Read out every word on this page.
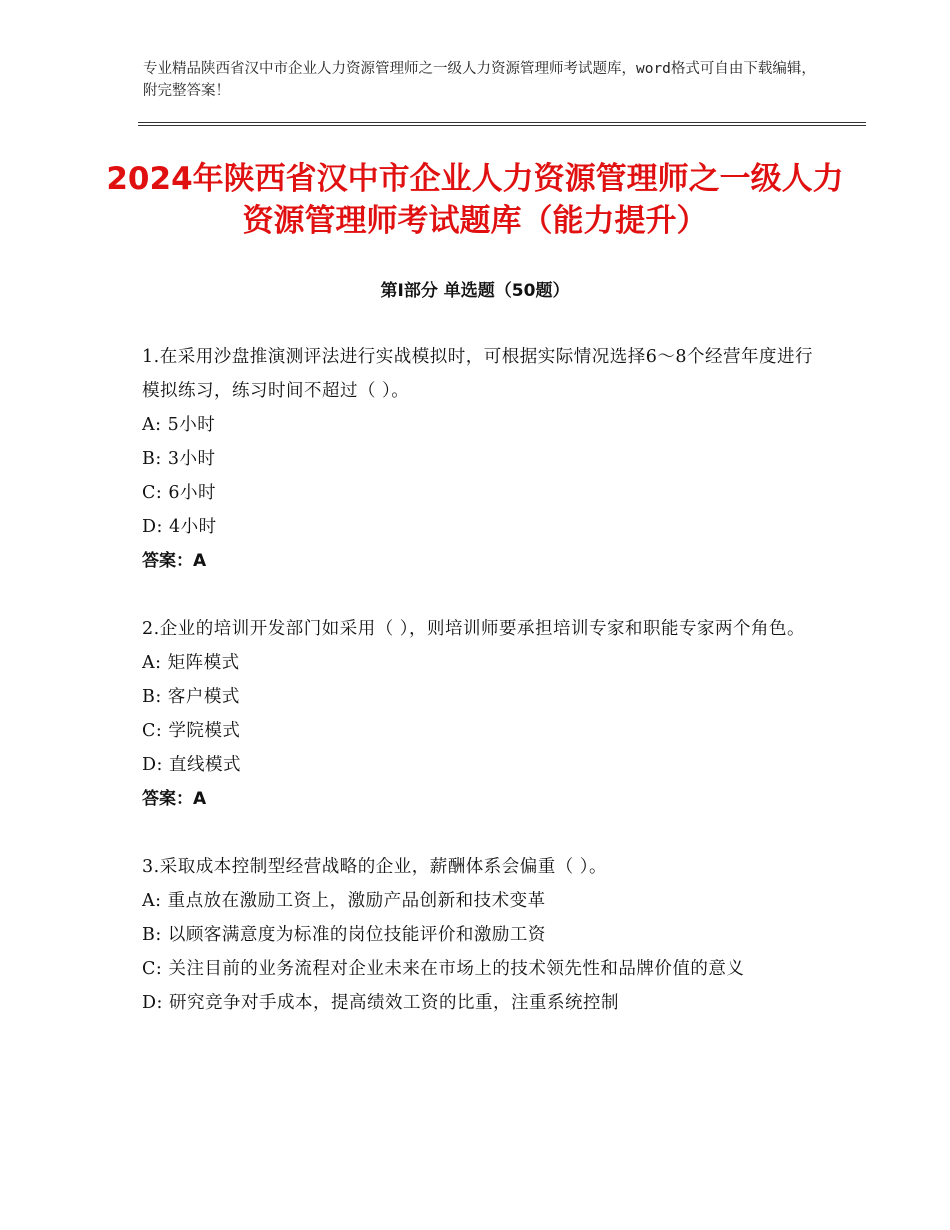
专业精品陕西省汉中市企业人力资源管理师之一级人力资源管理师考试题库，word格式可自由下载编辑，附完整答案！
2024年陕西省汉中市企业人力资源管理师之一级人力资源管理师考试题库（能力提升）
第Ⅰ部分 单选题（50题）
1.在采用沙盘推演测评法进行实战模拟时，可根据实际情况选择6～8个经营年度进行模拟练习，练习时间不超过（ ）。
A: 5小时
B: 3小时
C: 6小时
D: 4小时
答案：A
2.企业的培训开发部门如采用（ ），则培训师要承担培训专家和职能专家两个角色。
A: 矩阵模式
B: 客户模式
C: 学院模式
D: 直线模式
答案：A
3.采取成本控制型经营战略的企业，薪酬体系会偏重（ ）。
A: 重点放在激励工资上，激励产品创新和技术变革
B: 以顾客满意度为标准的岗位技能评价和激励工资
C: 关注目前的业务流程对企业未来在市场上的技术领先性和品牌价值的意义
D: 研究竞争对手成本，提高绩效工资的比重，注重系统控制
